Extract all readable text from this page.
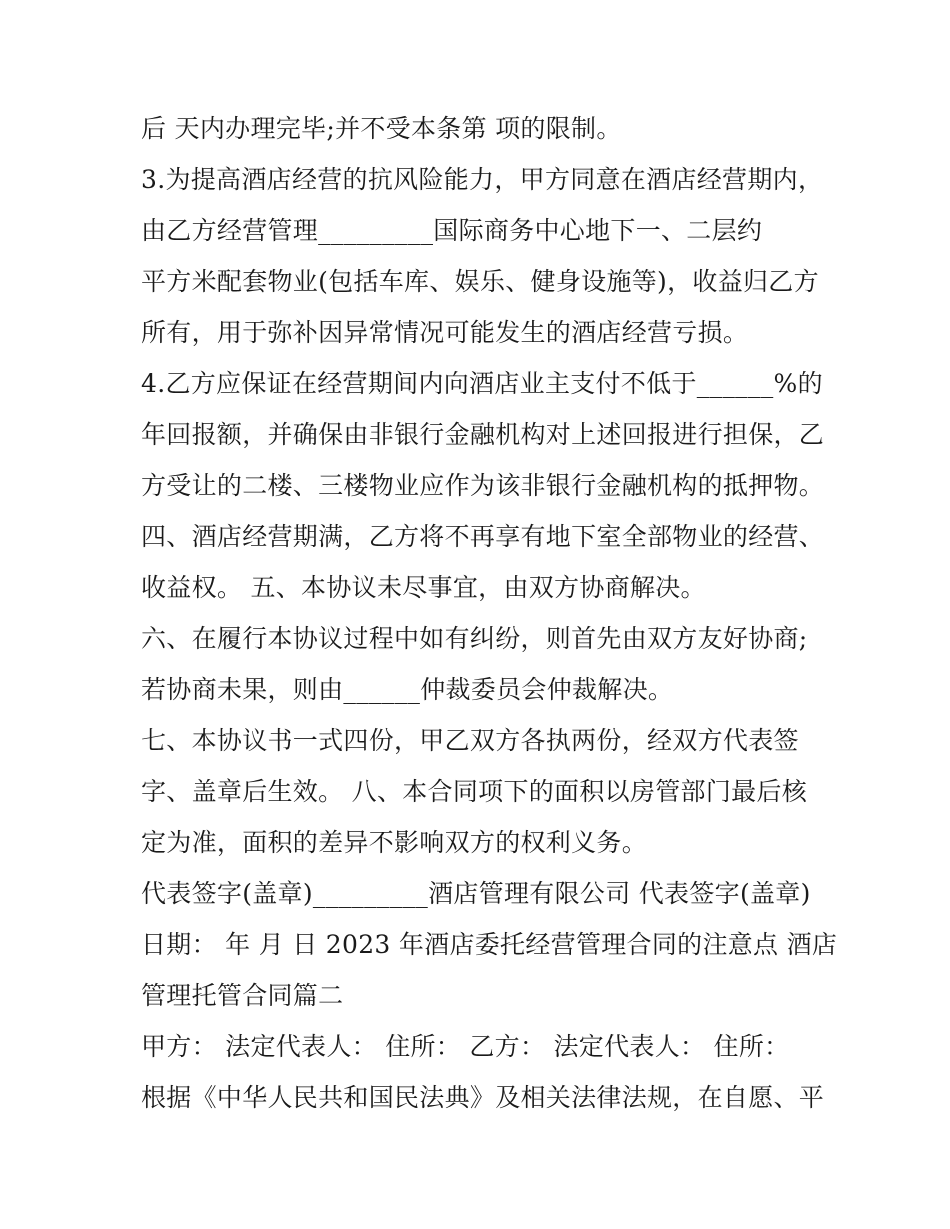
后 天内办理完毕;并不受本条第 项的限制。
3.为提高酒店经营的抗风险能力，甲方同意在酒店经营期内，
由乙方经营管理_________国际商务中心地下一、二层约
平方米配套物业(包括车库、娱乐、健身设施等)，收益归乙方
所有，用于弥补因异常情况可能发生的酒店经营亏损。
4.乙方应保证在经营期间内向酒店业主支付不低于______%的
年回报额，并确保由非银行金融机构对上述回报进行担保，乙
方受让的二楼、三楼物业应作为该非银行金融机构的抵押物。
四、酒店经营期满，乙方将不再享有地下室全部物业的经营、
收益权。 五、本协议未尽事宜，由双方协商解决。
六、在履行本协议过程中如有纠纷，则首先由双方友好协商;
若协商未果，则由______仲裁委员会仲裁解决。
七、本协议书一式四份，甲乙双方各执两份，经双方代表签
字、盖章后生效。 八、本合同项下的面积以房管部门最后核
定为准，面积的差异不影响双方的权利义务。
代表签字(盖章)_________酒店管理有限公司 代表签字(盖章)
日期： 年 月 日 2023 年酒店委托经营管理合同的注意点 酒店
管理托管合同篇二
甲方： 法定代表人： 住所： 乙方： 法定代表人： 住所：
根据《中华人民共和国民法典》及相关法律法规，在自愿、平
